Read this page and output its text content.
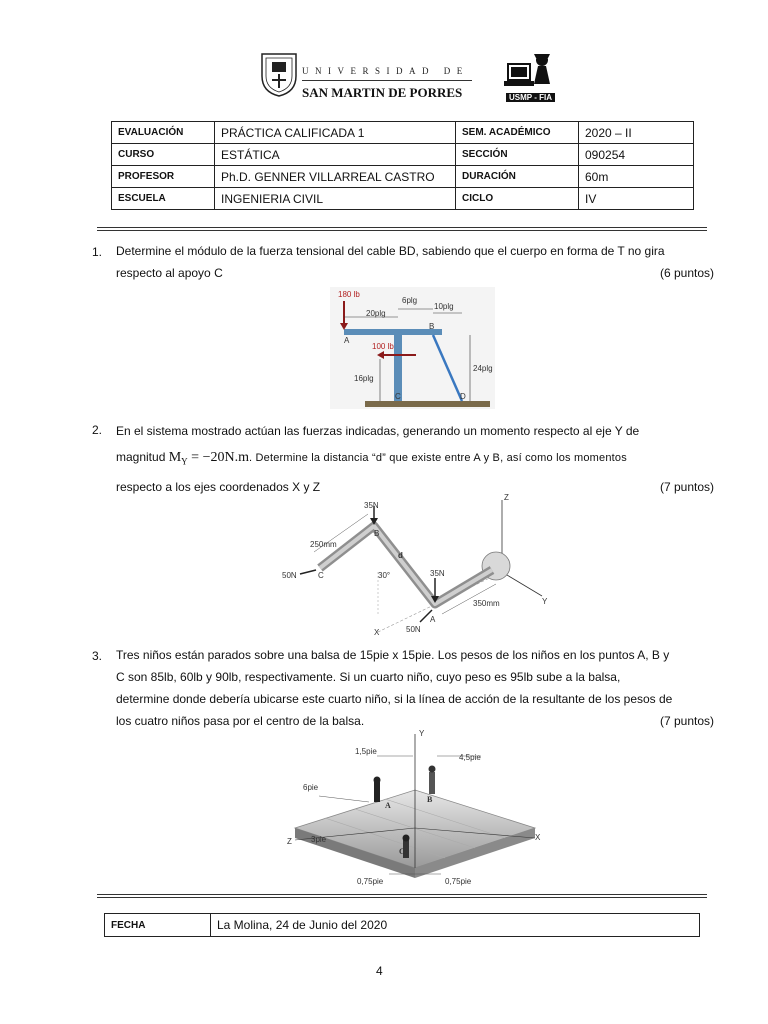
UNIVERSIDAD DE
SAN MARTIN DE PORRES	USMP - FIA
EVALUACIÓN	PRÁCTICA CALIFICADA 1	SEM. ACADÉMICO	2020 – II
CURSO	ESTÁTICA	SECCIÓN	090254
PROFESOR	Ph.D. GENNER VILLARREAL CASTRO	DURACIÓN	60m
ESCUELA	INGENIERIA CIVIL	CICLO	IV
1. Determine el módulo de la fuerza tensional del cable BD, sabiendo que el cuerpo en forma de T no gira
respecto al apoyo C	(6 puntos)
180 lb
6plg
10plg
20plg
A
B
100 lb
16plg
24plg
C	D
2. En el sistema mostrado actúan las fuerzas indicadas, generando un momento respecto al eje Y de
magnitud $M_Y = -20N.m$. Determine la distancia “d” que existe entre A y B, así como los momentos
respecto a los ejes coordenados X y Z	(7 puntos)
35N
B
250mm
d
50N	C	30°	35N
A
50N
350mm
Z
Y
X
3. Tres niños están parados sobre una balsa de 15pie x 15pie. Los pesos de los niños en los puntos A, B y
C son 85lb, 60lb y 90lb, respectivamente. Si un cuarto niño, cuyo peso es 95lb sube a la balsa,
determine donde debería ubicarse este cuarto niño, si la línea de acción de la resultante de los pesos de
los cuatro niños pasa por el centro de la balsa.	(7 puntos)
Y
1,5pie
4,5pie
6pie
A
B
Z 3pie
C
X
0,75pie	0,75pie
FECHA	La Molina, 24 de Junio del 2020
4
